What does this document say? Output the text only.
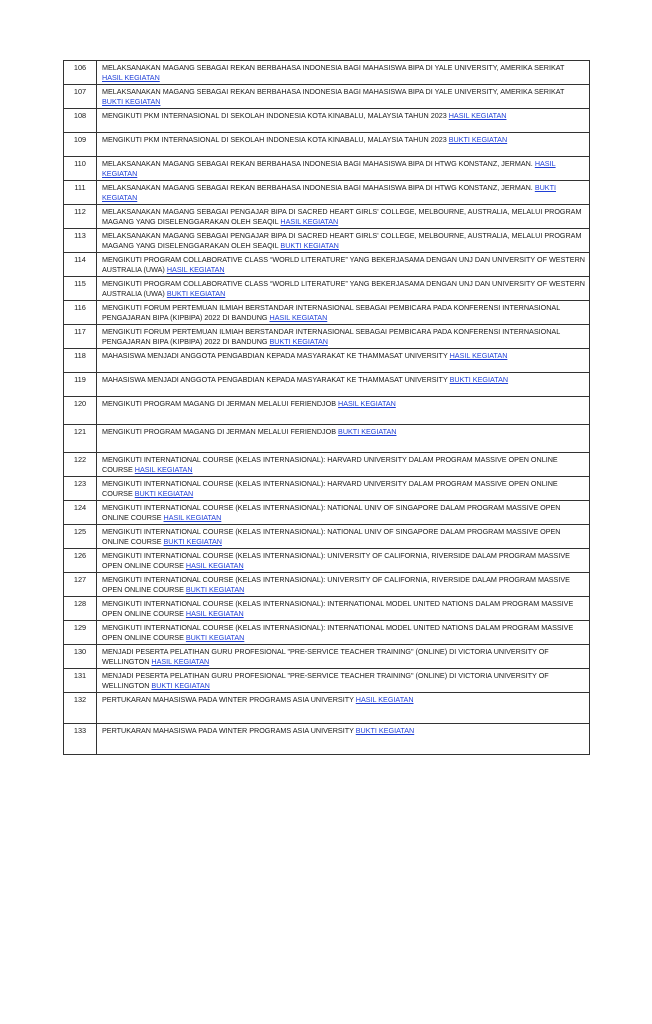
106	MELAKSANAKAN MAGANG SEBAGAI REKAN BERBAHASA INDONESIA BAGI MAHASISWA BIPA DI YALE UNIVERSITY, AMERIKA SERIKAT HASIL KEGIATAN
107	MELAKSANAKAN MAGANG SEBAGAI REKAN BERBAHASA INDONESIA BAGI MAHASISWA BIPA DI YALE UNIVERSITY, AMERIKA SERIKAT BUKTI KEGIATAN
108	MENGIKUTI PKM INTERNASIONAL DI SEKOLAH INDONESIA KOTA KINABALU, MALAYSIA TAHUN 2023 HASIL KEGIATAN
109	MENGIKUTI PKM INTERNASIONAL DI SEKOLAH INDONESIA KOTA KINABALU, MALAYSIA TAHUN 2023 BUKTI KEGIATAN
110	MELAKSANAKAN MAGANG SEBAGAI REKAN BERBAHASA INDONESIA BAGI MAHASISWA BIPA DI HTWG KONSTANZ, JERMAN. HASIL KEGIATAN
111	MELAKSANAKAN MAGANG SEBAGAI REKAN BERBAHASA INDONESIA BAGI MAHASISWA BIPA DI HTWG KONSTANZ, JERMAN. BUKTI KEGIATAN
112	MELAKSANAKAN MAGANG SEBAGAI PENGAJAR BIPA DI SACRED HEART GIRLS' COLLEGE, MELBOURNE, AUSTRALIA, MELALUI PROGRAM MAGANG YANG DISELENGGARAKAN OLEH SEAQIL HASIL KEGIATAN
113	MELAKSANAKAN MAGANG SEBAGAI PENGAJAR BIPA DI SACRED HEART GIRLS' COLLEGE, MELBOURNE, AUSTRALIA, MELALUI PROGRAM MAGANG YANG DISELENGGARAKAN OLEH SEAQIL BUKTI KEGIATAN
114	MENGIKUTI PROGRAM COLLABORATIVE CLASS “WORLD LITERATURE” YANG BEKERJASAMA DENGAN UNJ DAN UNIVERSITY OF WESTERN AUSTRALIA (UWA) HASIL KEGIATAN
115	MENGIKUTI PROGRAM COLLABORATIVE CLASS “WORLD LITERATURE” YANG BEKERJASAMA DENGAN UNJ DAN UNIVERSITY OF WESTERN AUSTRALIA (UWA) BUKTI KEGIATAN
116	MENGIKUTI FORUM PERTEMUAN ILMIAH BERSTANDAR INTERNASIONAL SEBAGAI PEMBICARA PADA KONFERENSI INTERNASIONAL PENGAJARAN BIPA (KIPBIPA) 2022 DI BANDUNG HASIL KEGIATAN
117	MENGIKUTI FORUM PERTEMUAN ILMIAH BERSTANDAR INTERNASIONAL SEBAGAI PEMBICARA PADA KONFERENSI INTERNASIONAL PENGAJARAN BIPA (KIPBIPA) 2022 DI BANDUNG BUKTI KEGIATAN
118	MAHASISWA MENJADI ANGGOTA PENGABDIAN KEPADA MASYARAKAT KE THAMMASAT UNIVERSITY HASIL KEGIATAN
119	MAHASISWA MENJADI ANGGOTA PENGABDIAN KEPADA MASYARAKAT KE THAMMASAT UNIVERSITY BUKTI KEGIATAN
120	MENGIKUTI PROGRAM MAGANG DI JERMAN MELALUI FERIENDJOB HASIL KEGIATAN
121	MENGIKUTI PROGRAM MAGANG DI JERMAN MELALUI FERIENDJOB BUKTI KEGIATAN
122	MENGIKUTI INTERNATIONAL COURSE (KELAS INTERNASIONAL): HARVARD UNIVERSITY DALAM PROGRAM MASSIVE OPEN ONLINE COURSE HASIL KEGIATAN
123	MENGIKUTI INTERNATIONAL COURSE (KELAS INTERNASIONAL): HARVARD UNIVERSITY DALAM PROGRAM MASSIVE OPEN ONLINE COURSE BUKTI KEGIATAN
124	MENGIKUTI INTERNATIONAL COURSE (KELAS INTERNASIONAL): NATIONAL UNIV OF SINGAPORE DALAM PROGRAM MASSIVE OPEN ONLINE COURSE HASIL KEGIATAN
125	MENGIKUTI INTERNATIONAL COURSE (KELAS INTERNASIONAL): NATIONAL UNIV OF SINGAPORE DALAM PROGRAM MASSIVE OPEN ONLINE COURSE BUKTI KEGIATAN
126	MENGIKUTI INTERNATIONAL COURSE (KELAS INTERNASIONAL): UNIVERSITY OF CALIFORNIA, RIVERSIDE DALAM PROGRAM MASSIVE OPEN ONLINE COURSE HASIL KEGIATAN
127	MENGIKUTI INTERNATIONAL COURSE (KELAS INTERNASIONAL): UNIVERSITY OF CALIFORNIA, RIVERSIDE DALAM PROGRAM MASSIVE OPEN ONLINE COURSE BUKTI KEGIATAN
128	MENGIKUTI INTERNATIONAL COURSE (KELAS INTERNASIONAL): INTERNATIONAL MODEL UNITED NATIONS DALAM PROGRAM MASSIVE OPEN ONLINE COURSE HASIL KEGIATAN
129	MENGIKUTI INTERNATIONAL COURSE (KELAS INTERNASIONAL): INTERNATIONAL MODEL UNITED NATIONS DALAM PROGRAM MASSIVE OPEN ONLINE COURSE BUKTI KEGIATAN
130	MENJADI PESERTA PELATIHAN GURU PROFESIONAL "PRE-SERVICE TEACHER TRAINING" (ONLINE) DI VICTORIA UNIVERSITY OF WELLINGTON HASIL KEGIATAN
131	MENJADI PESERTA PELATIHAN GURU PROFESIONAL "PRE-SERVICE TEACHER TRAINING" (ONLINE) DI VICTORIA UNIVERSITY OF WELLINGTON BUKTI KEGIATAN
132	PERTUKARAN MAHASISWA PADA WINTER PROGRAMS ASIA UNIVERSITY HASIL KEGIATAN
133	PERTUKARAN MAHASISWA PADA WINTER PROGRAMS ASIA UNIVERSITY BUKTI KEGIATAN
